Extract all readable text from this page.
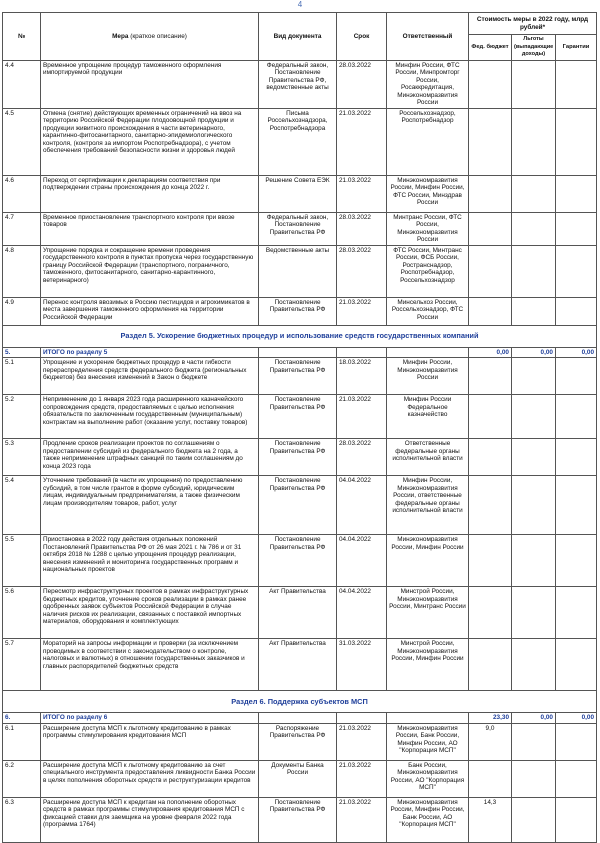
4
№	Мера (краткое описание)	Вид документа	Срок	Ответственный	Стоимость меры в 2022 году, млрд рублей*		
					Фед. бюджет	Льготы (выпадающие доходы)	Гарантии
4.4	Временное упрощение процедур таможенного оформления импортируемой продукции	Федеральный закон, Постановление Правительства РФ, ведомственные акты	28.03.2022	Минфин России, ФТС России, Минпромторг России, Росаккредитация, Минэкономразвития России			
4.5	Отмена (снятие) действующих временных ограничений на ввоз на территорию Российской Федерации плодоовощной продукции и продукции живитного происхождения в части ветеринарного, карантинно-фитосанитарного, санитарно-эпидемиологического контроля, (контроля за импортом Роспотребнадзора), с учетом обеспечения требований безопасности жизни и здоровья людей	Письма Россельхознадзора, Роспотребнадзора	21.03.2022	Россельхознадзор, Роспотребнадзор			
4.6	Переход от сертификации к декларациям соответствия при подтверждении страны происхождения до конца 2022 г.	Решение Совета ЕЭК	21.03.2022	Минэкономразвития России, Минфин России, ФТС России, Минздрав России			
4.7	Временное приостановление транспортного контроля при ввозе товаров	Федеральный закон, Постановление Правительства РФ	28.03.2022	Минтранс России, ФТС России, Минэкономразвития России			
4.8	Упрощение порядка и сокращение времени проведения государственного контроля в пунктах пропуска через государственную границу Российской Федерации (транспортного, пограничного, таможенного, фитосанитарного, санитарно-карантинного, ветеринарного)	Ведомственные акты	28.03.2022	ФТС России, Минтранс России, ФСБ России, Ространснадзор, Роспотребнадзор, Россельхознадзор			
4.9	Перенос контроля ввозимых в Россию пестицидов и агрохимикатов в места завершения таможенного оформления на территории Российской Федерации	Постановление Правительства РФ	21.03.2022	Минсельхоз России, Россельхознадзор, ФТС России			
Раздел 5. Ускорение бюджетных процедур и использование средств государственных компаний							
5.	ИТОГО по разделу 5				0,00	0,00	0,00
5.1	Упрощение и ускорение бюджетных процедур в части гибкости перераспределения средств федерального бюджета (региональных бюджетов) без внесения изменений в Закон о бюджете	Постановление Правительства РФ	18.03.2022	Минфин России, Минэкономразвития России			
5.2	Неприменение до 1 января 2023 года расширенного казначейского сопровождения средств, предоставляемых с целью исполнения обязательств по заключенным государственным (муниципальным) контрактам на выполнение работ (оказание услуг, поставку товаров)	Постановление Правительства РФ	21.03.2022	Минфин России Федеральное казначейство			
5.3	Продление сроков реализации проектов по соглашениям о предоставлении субсидий из федерального бюджета на 2 года, а также неприменение штрафных санкций по таким соглашениям до конца 2023 года	Постановление Правительства РФ	28.03.2022	Ответственные федеральные органы исполнительной власти			
5.4	Уточнение требований (в части их упрощения) по предоставлению субсидий, в том числе грантов в форме субсидий, юридическим лицам, индивидуальным предпринимателям, а также физическим лицам производителям товаров, работ, услуг	Постановление Правительства РФ	04.04.2022	Минфин России, Минэкономразвития России, ответственные федеральные органы исполнительной власти			
5.5	Приостановка в 2022 году действия отдельных положений Постановлений Правительства РФ от 26 мая 2021 г. № 786 и от 31 октября 2018 № 1288 с целью упрощения процедур реализации, внесения изменений и мониторинга государственных программ и национальных проектов	Постановление Правительства РФ	04.04.2022	Минэкономразвития России, Минфин России			
5.6	Пересмотр инфраструктурных проектов в рамках инфраструктурных бюджетных кредитов, уточнение сроков реализации в рамках ранее одобренных заявок субъектов Российской Федерации в случае наличия рисков их реализации, связанных с поставкой импортных материалов, оборудования и комплектующих	Акт Правительства	04.04.2022	Минстрой России, Минэкономразвития России, Минтранс России			
5.7	Мораторий на запросы информации и проверки (за исключением проводимых в соответствии с законодательством о контроле, налоговых и валютных) в отношении государственных заказчиков и главных распорядителей бюджетных средств	Акт Правительства	31.03.2022	Минстрой России, Минэкономразвития России, Минфин России			
Раздел 6. Поддержка субъектов МСП							
6.	ИТОГО по разделу 6				23,30	0,00	0,00
6.1	Расширение доступа МСП к льготному кредитованию в рамках программы стимулирования кредитования МСП	Распоряжение Правительства РФ	21.03.2022	Минэкономразвития России, Банк России, Минфин России, АО "Корпорация МСП"	9,0		
6.2	Расширение доступа МСП к льготному кредитованию за счет специального инструмента предоставления ликвидности Банка России в целях пополнения оборотных средств и реструктуризации кредитов	Документы Банка России	21.03.2022	Банк России, Минэкономразвития России, АО "Корпорация МСП"			
6.3	Расширение доступа МСП к кредитам на пополнение оборотных средств в рамках программы стимулирования кредитования МСП с фиксацией ставки для заемщика на уровне февраля 2022 года (программа 1764)	Постановление Правительства РФ	21.03.2022	Минэкономразвития России, Минфин России, Банк России, АО "Корпорация МСП"	14,3		
